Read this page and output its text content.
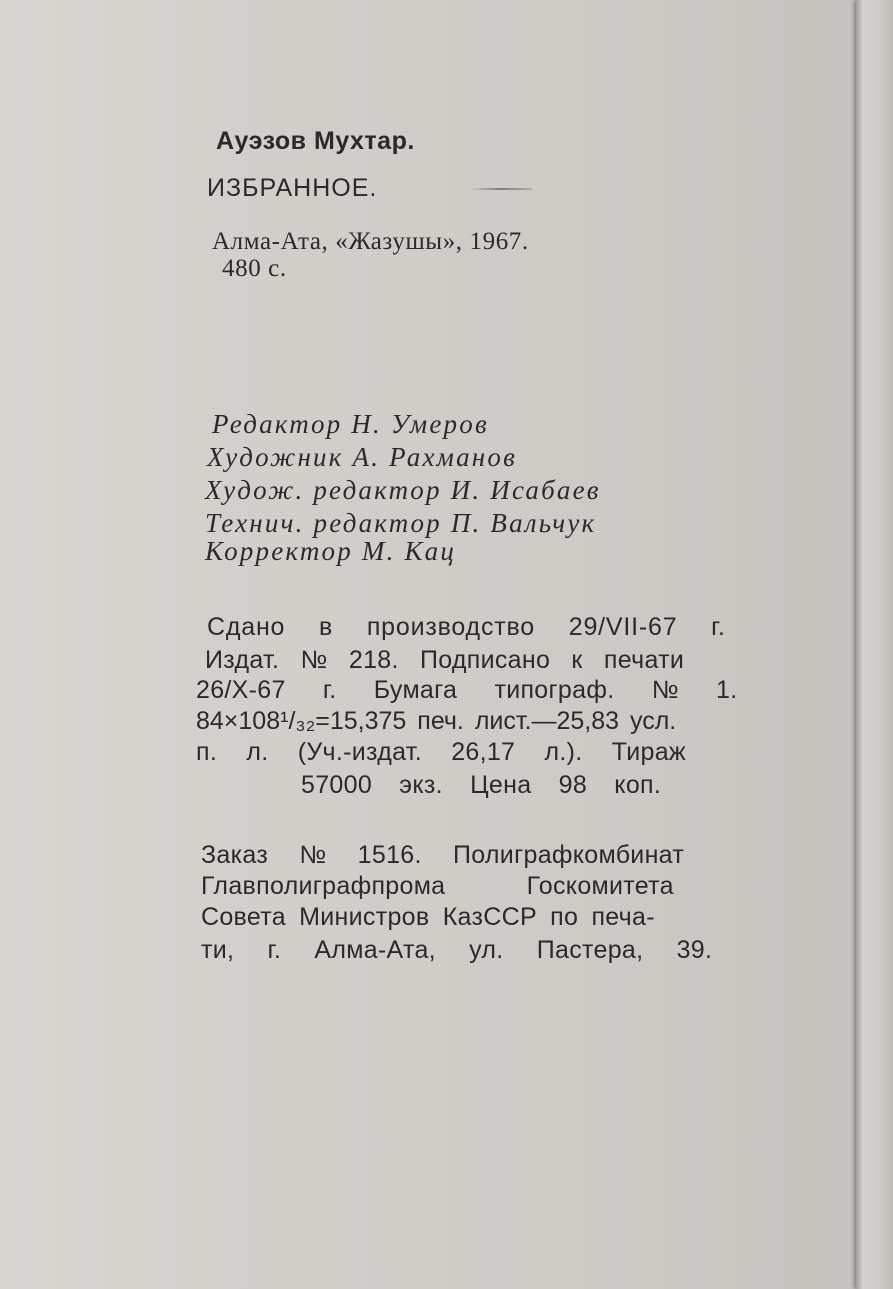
Ауэзов Мухтар.

ИЗБРАННОЕ.

Алма-Ата, «Жазушы», 1967.

480 с.

Редактор Н. Умеров

Художник А. Рахманов

Худож. редактор И. Исабаев

Технич. редактор П. Вальчук

Корректор М. Кац

Сдано в производство 29/VII-67 г.

Издат. № 218. Подписано к печати

26/Х-67 г. Бумага типограф. № 1.

84×108¹/₃₂=15,375 печ. лист.—25,83 усл.

п. л. (Уч.-издат. 26,17 л.). Тираж

57000 экз. Цена 98 коп.

Заказ № 1516. Полиграфкомбинат

Главполиграфпрома Госкомитета

Совета Министров КазССР по печа-

ти, г. Алма-Ата, ул. Пастера, 39.
